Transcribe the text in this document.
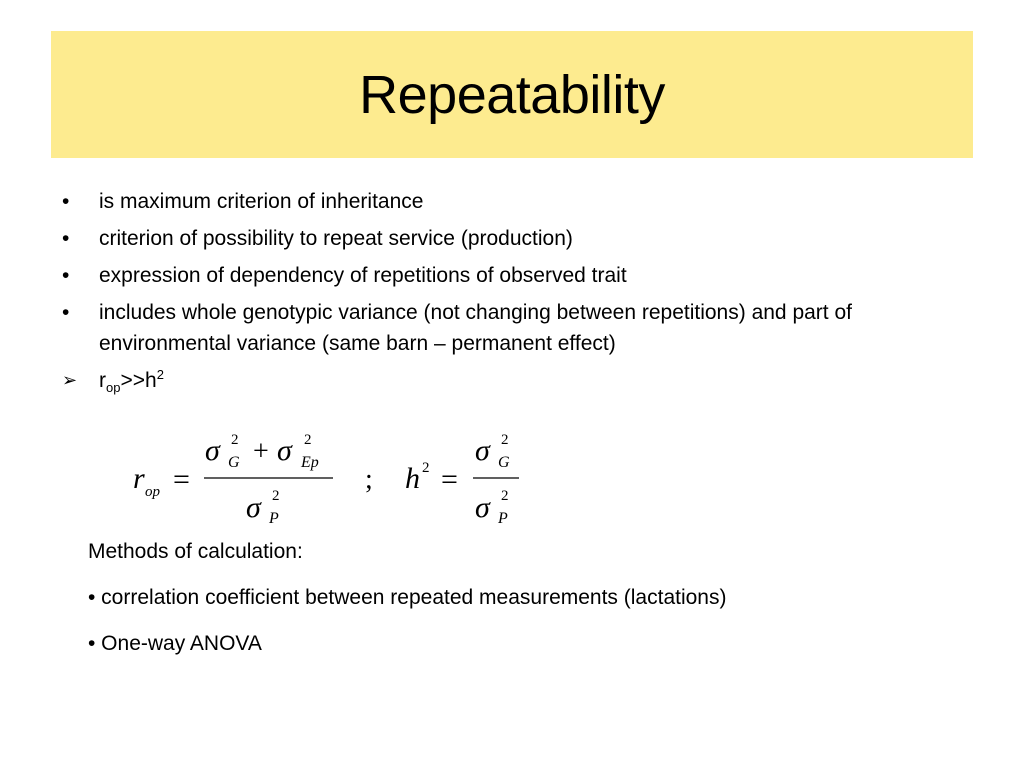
Repeatability
•	is maximum criterion of inheritance
•	criterion of possibility to repeat service (production)
•	expression of dependency of repetitions of observed trait
•	includes whole genotypic variance (not changing between repetitions) and part of environmental variance (same barn – permanent effect)
➢ $r_{op}>>h^2$
r op =
σ 2
G + σ 2
Ep
σ 2
P
; h 2 =
σ 2
G
σ 2
P

Methods of calculation:

• correlation coefficient between repeated measurements (lactations)

• One-way ANOVA
